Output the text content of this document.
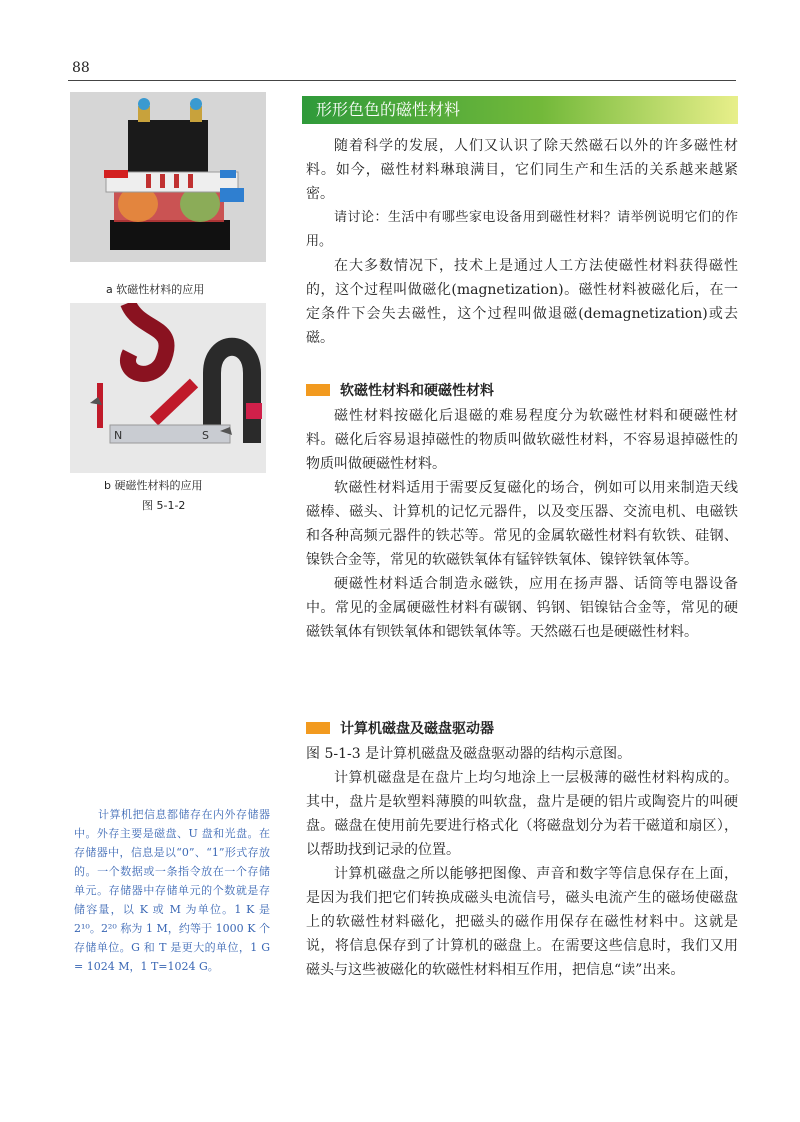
88
a 软磁性材料的应用
N	S
b 硬磁性材料的应用
图 5-1-2
计算机把信息都储存在内外存储器中。外存主要是磁盘、U 盘和光盘。在存储器中，信息是以“0”、“1”形式存放的。一个数据或一条指令放在一个存储单元。存储器中存储单元的个数就是存储容量，以 K 或 M 为单位。1 K 是 2¹⁰。2²⁰ 称为 1 M，约等于 1000 K 个存储单位。G 和 T 是更大的单位，1 G = 1024 M，1 T=1024 G。
形形色色的磁性材料

随着科学的发展，人们又认识了除天然磁石以外的许多磁性材料。如今，磁性材料琳琅满目，它们同生产和生活的关系越来越紧密。

请讨论：生活中有哪些家电设备用到磁性材料？请举例说明它们的作用。

在大多数情况下，技术上是通过人工方法使磁性材料获得磁性的，这个过程叫做磁化(magnetization)。磁性材料被磁化后，在一定条件下会失去磁性，这个过程叫做退磁(demagnetization)或去磁。

软磁性材料和硬磁性材料

磁性材料按磁化后退磁的难易程度分为软磁性材料和硬磁性材料。磁化后容易退掉磁性的物质叫做软磁性材料，不容易退掉磁性的物质叫做硬磁性材料。

软磁性材料适用于需要反复磁化的场合，例如可以用来制造天线磁棒、磁头、计算机的记忆元器件，以及变压器、交流电机、电磁铁和各种高频元器件的铁芯等。常见的金属软磁性材料有软铁、硅钢、镍铁合金等，常见的软磁铁氧体有锰锌铁氧体、镍锌铁氧体等。

硬磁性材料适合制造永磁铁，应用在扬声器、话筒等电器设备中。常见的金属硬磁性材料有碳钢、钨钢、铝镍钴合金等，常见的硬磁铁氧体有钡铁氧体和锶铁氧体等。天然磁石也是硬磁性材料。

计算机磁盘及磁盘驱动器

图 5-1-3 是计算机磁盘及磁盘驱动器的结构示意图。

计算机磁盘是在盘片上均匀地涂上一层极薄的磁性材料构成的。其中，盘片是软塑料薄膜的叫软盘，盘片是硬的铝片或陶瓷片的叫硬盘。磁盘在使用前先要进行格式化（将磁盘划分为若干磁道和扇区），以帮助找到记录的位置。

计算机磁盘之所以能够把图像、声音和数字等信息保存在上面，是因为我们把它们转换成磁头电流信号，磁头电流产生的磁场使磁盘上的软磁性材料磁化，把磁头的磁作用保存在磁性材料中。这就是说，将信息保存到了计算机的磁盘上。在需要这些信息时，我们又用磁头与这些被磁化的软磁性材料相互作用，把信息“读”出来。
